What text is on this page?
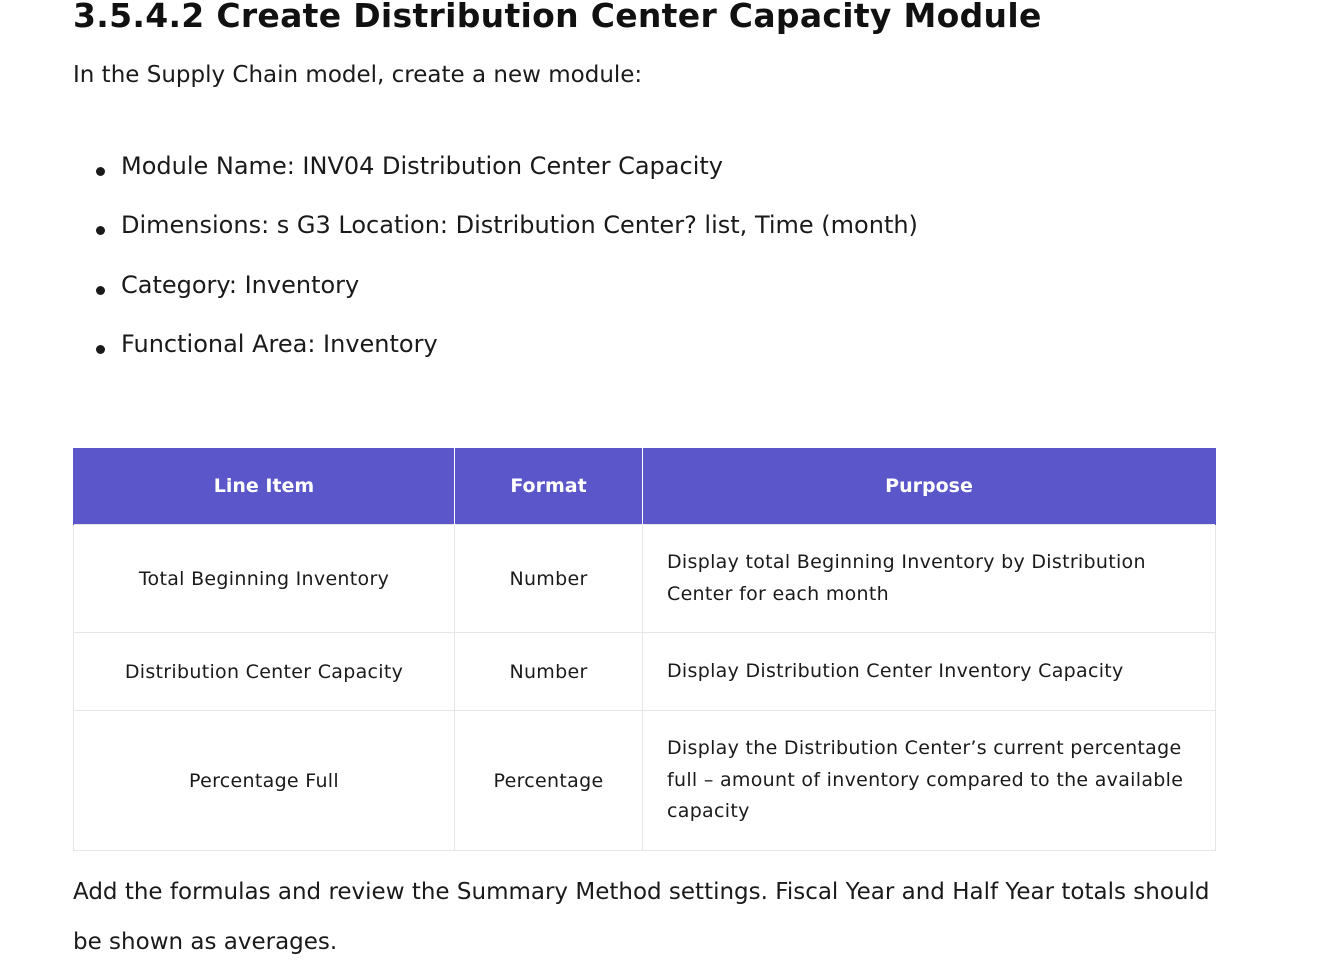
3.5.4.2 Create Distribution Center Capacity Module

In the Supply Chain model, create a new module:

Module Name: INV04 Distribution Center Capacity
Dimensions: s G3 Location: Distribution Center? list, Time (month)
Category: Inventory
Functional Area: Inventory
Line Item	Format	Purpose
Total Beginning Inventory	Number	Display total Beginning Inventory by Distribution Center for each month
Distribution Center Capacity	Number	Display Distribution Center Inventory Capacity
Percentage Full	Percentage	Display the Distribution Center’s current percentage full – amount of inventory compared to the available capacity

Add the formulas and review the Summary Method settings. Fiscal Year and Half Year totals should be shown as averages.
